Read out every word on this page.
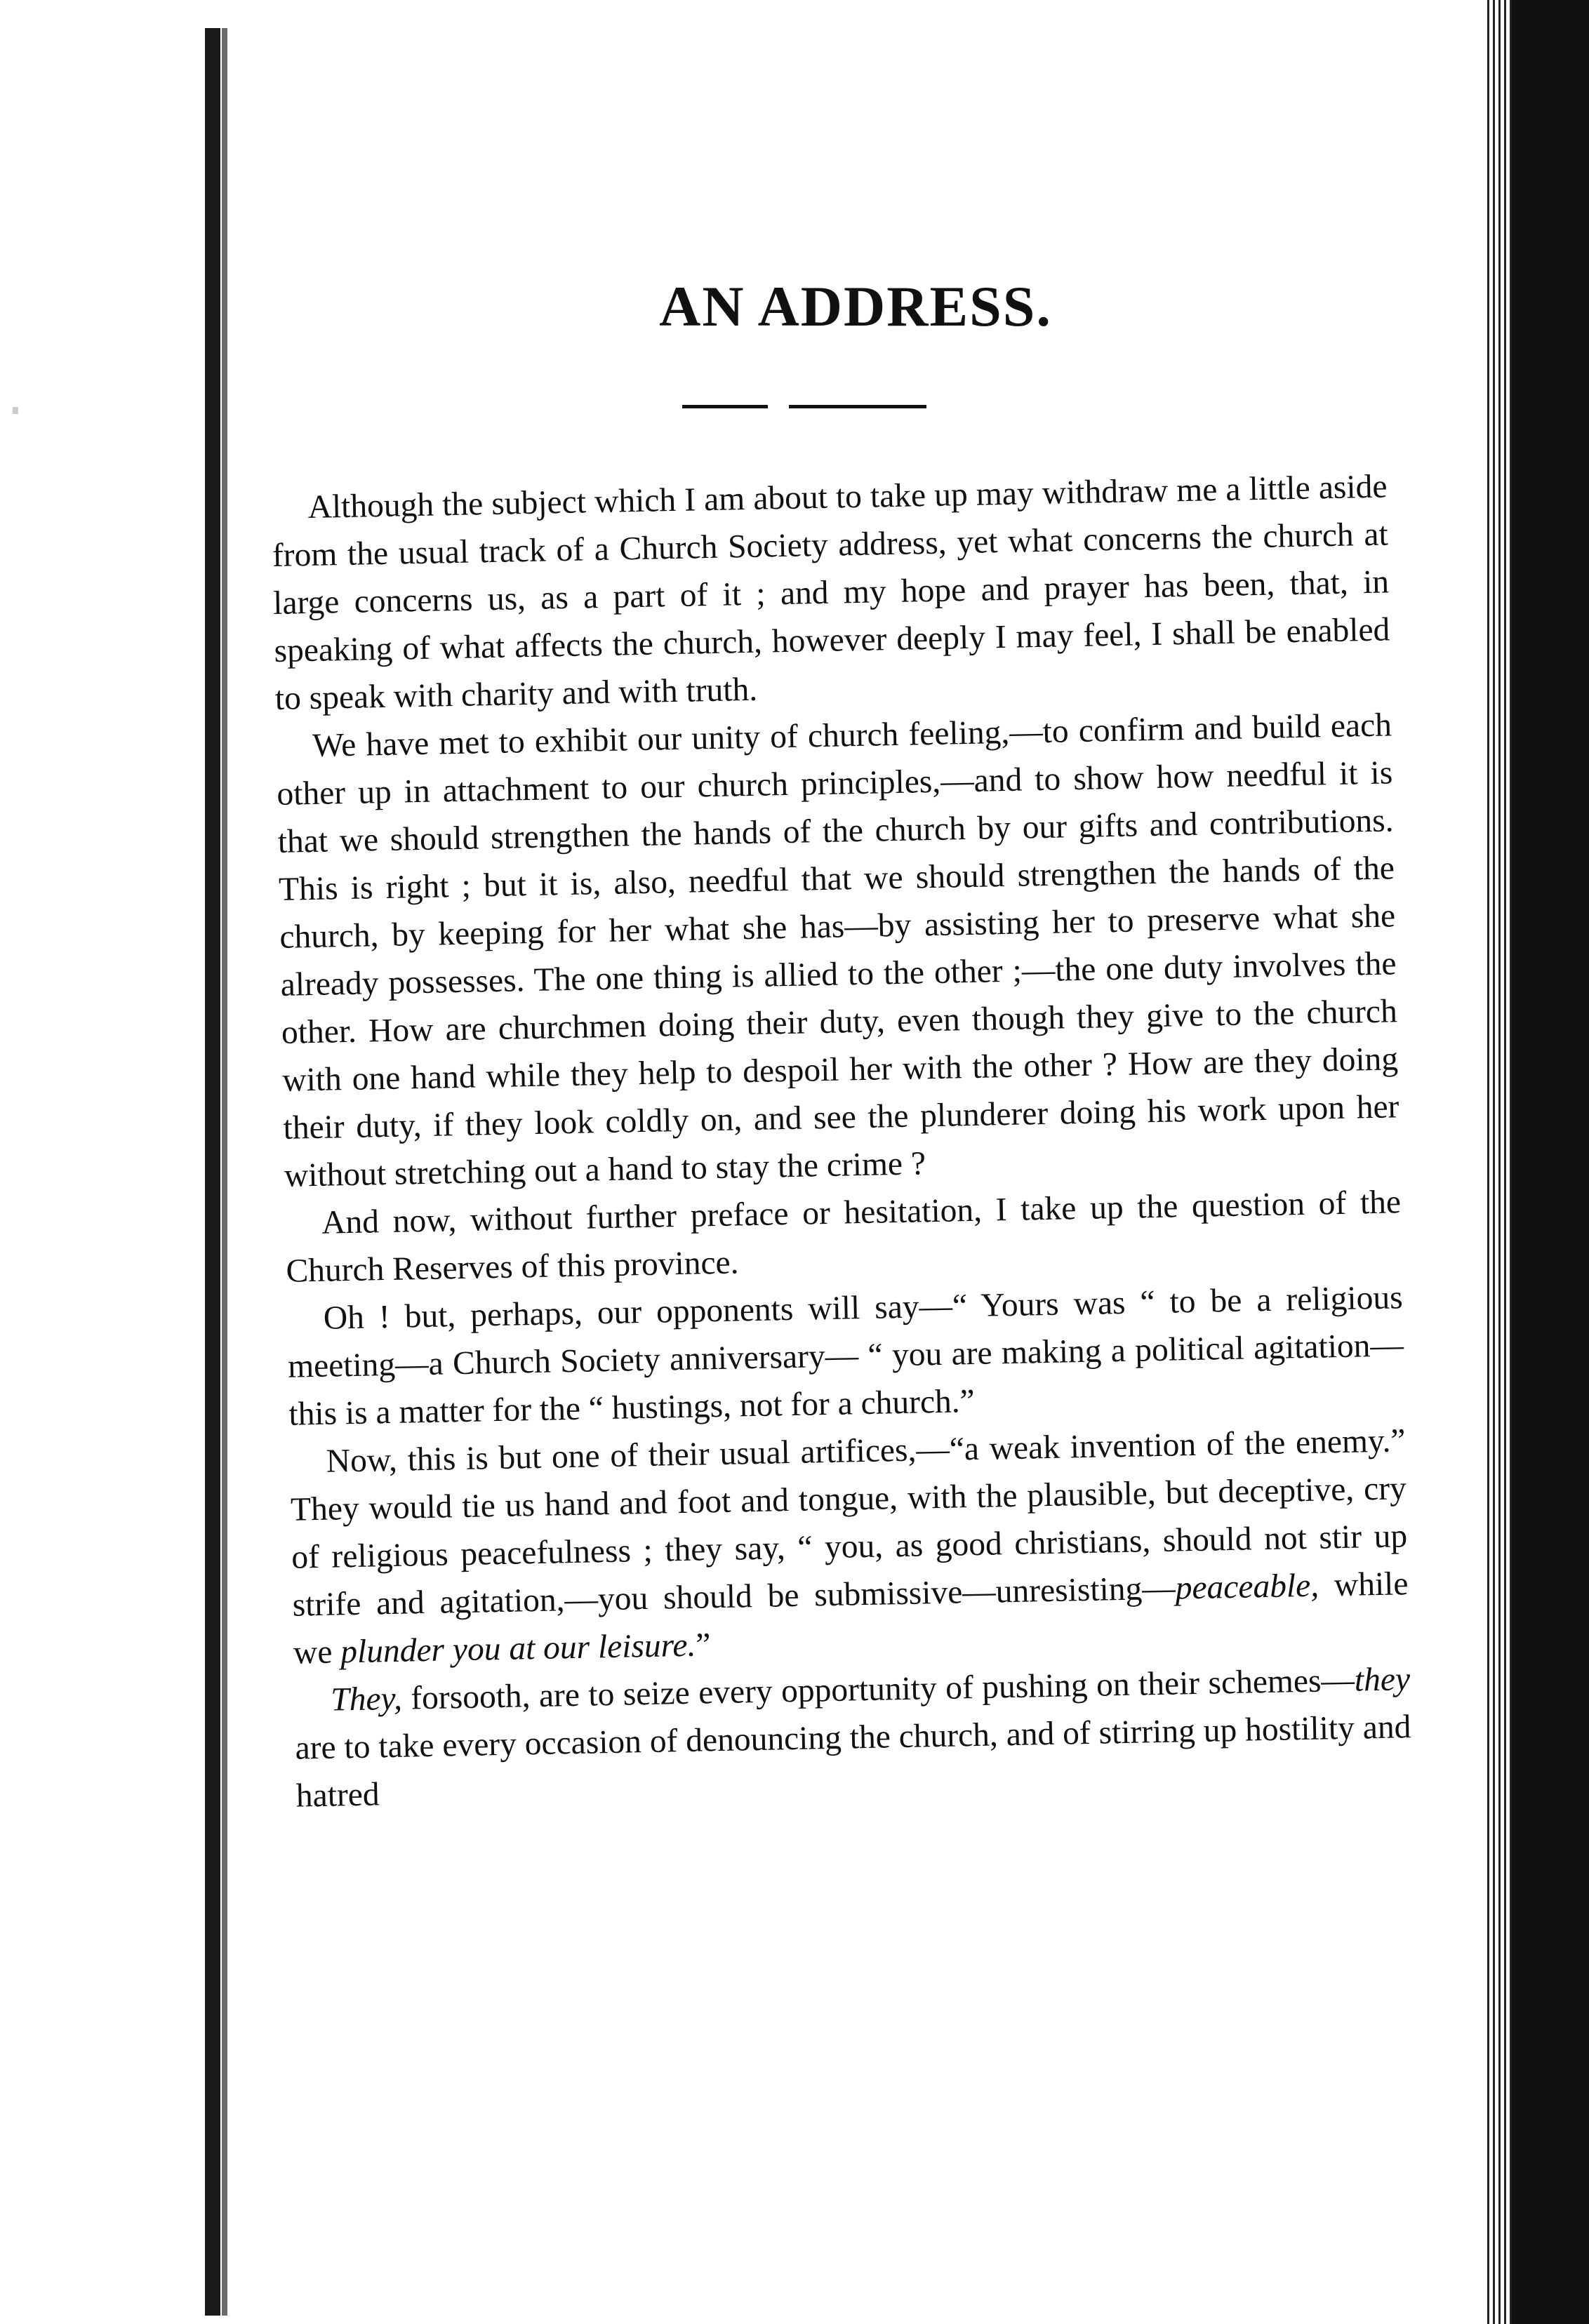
AN ADDRESS.

Although the subject which I am about to take up may withdraw me a little aside from the usual track of a Church Society address, yet what concerns the church at large concerns us, as a part of it ; and my hope and prayer has been, that, in speaking of what affects the church, however deeply I may feel, I shall be enabled to speak with charity and with truth.

We have met to exhibit our unity of church feeling,—to confirm and build each other up in attachment to our church principles,—and to show how needful it is that we should strengthen the hands of the church by our gifts and contributions. This is right ; but it is, also, needful that we should strengthen the hands of the church, by keeping for her what she has—by assisting her to preserve what she already possesses. The one thing is allied to the other ;—the one duty involves the other. How are churchmen doing their duty, even though they give to the church with one hand while they help to despoil her with the other ? How are they doing their duty, if they look coldly on, and see the plunderer doing his work upon her without stretching out a hand to stay the crime ?

And now, without further preface or hesitation, I take up the question of the Church Reserves of this province.

Oh ! but, perhaps, our opponents will say—“ Yours was “ to be a religious meeting—a Church Society anniversary— “ you are making a political agitation—this is a matter for the “ hustings, not for a church.”

Now, this is but one of their usual artifices,—“a weak invention of the enemy.” They would tie us hand and foot and tongue, with the plausible, but deceptive, cry of religious peacefulness ; they say, “ you, as good christians, should not stir up strife and agitation,—you should be submissive—unresisting—peaceable, while we plunder you at our leisure.”

They, forsooth, are to seize every opportunity of pushing on their schemes—they are to take every occasion of denouncing the church, and of stirring up hostility and hatred
